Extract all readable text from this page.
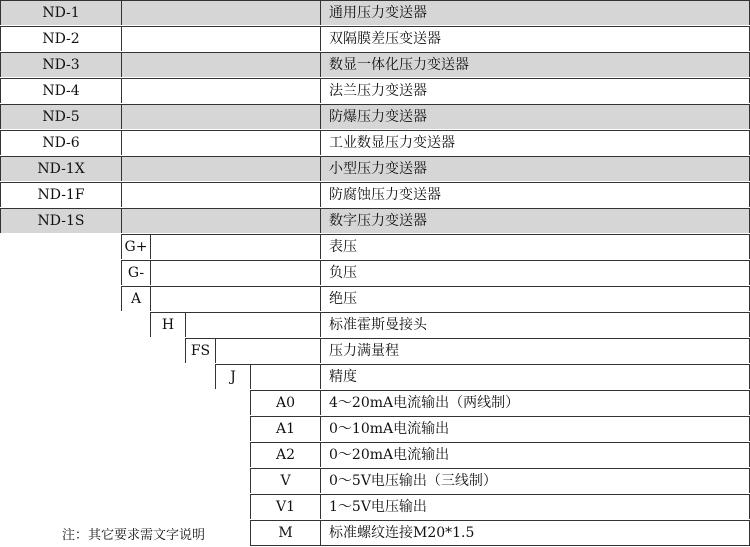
ND-1	通用压力变送器
ND-2	双隔膜差压变送器
ND-3	数显一体化压力变送器
ND-4	法兰压力变送器
ND-5	防爆压力变送器
ND-6	工业数显压力变送器
ND-1X	小型压力变送器
ND-1F	防腐蚀压力变送器
ND-1S	数字压力变送器
G+	表压
G-	负压
A	绝压
H	标准霍斯曼接头
FS	压力满量程
J	精度
A0	4～20mA电流输出（两线制）
A1	0～10mA电流输出
A2	0～20mA电流输出
V	0～5V电压输出（三线制）
V1	1～5V电压输出
M	标准螺纹连接M20*1.5
注：其它要求需文字说明
